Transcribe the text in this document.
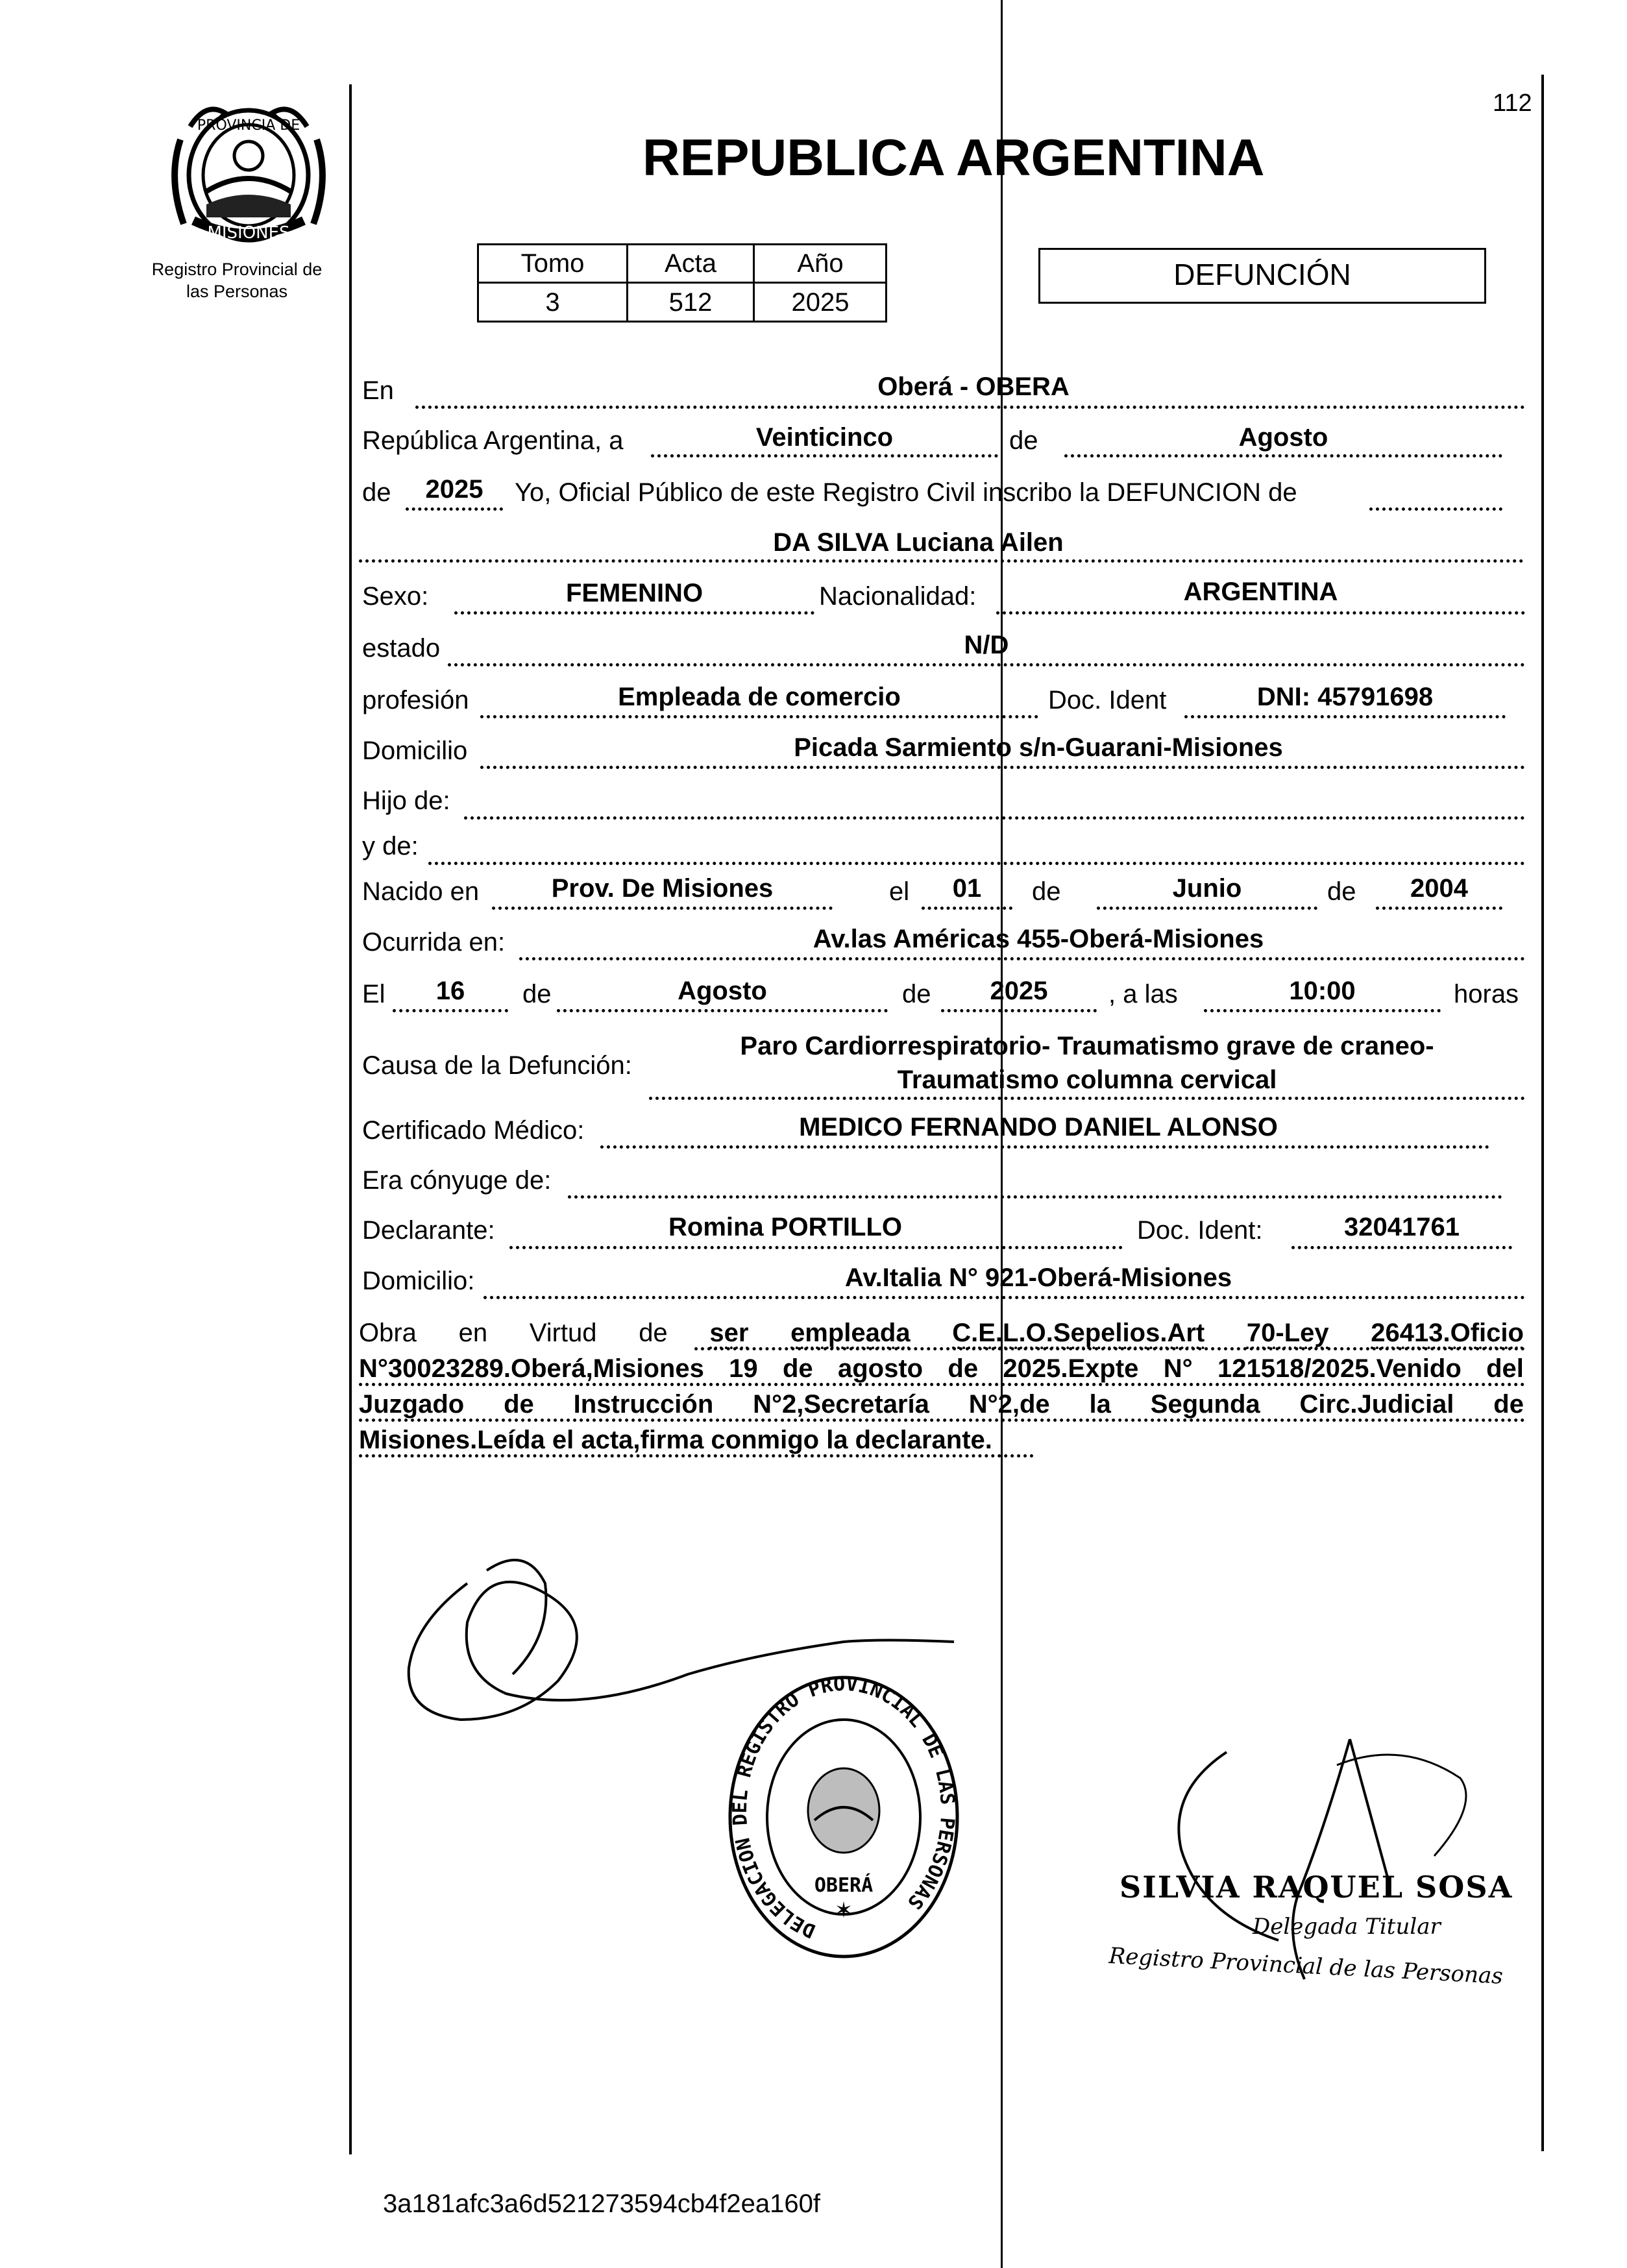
112
PROVINCIA DE
MISIONES
Registro Provincial de
las Personas
REPUBLICA ARGENTINA
Tomo	Acta	Año
3	512	2025
DEFUNCIÓN
En	Oberá - OBERA
República Argentina, a	Veinticinco	de	Agosto
de	2025	Yo, Oficial Público de este Registro Civil inscribo la DEFUNCION de
DA SILVA Luciana Ailen
Sexo:	FEMENINO	Nacionalidad:	ARGENTINA
estado	N/D
profesión	Empleada de comercio	Doc. Ident	DNI: 45791698
Domicilio	Picada Sarmiento s/n-Guarani-Misiones
Hijo de:
y de:
Nacido en	Prov. De Misiones	el	01	de	Junio	de	2004
Ocurrida en:	Av.las Américas 455-Oberá-Misiones
El	16	de	Agosto	de	2025	, a las	10:00	horas
Causa de la Defunción:
Paro Cardiorrespiratorio- Traumatismo grave de craneo-
Traumatismo columna cervical
Certificado Médico:	MEDICO FERNANDO DANIEL ALONSO
Era cónyuge de:
Declarante:	Romina PORTILLO	Doc. Ident:	32041761
Domicilio:	Av.Italia N° 921-Oberá-Misiones
Obra en Virtud de ser empleada C.E.L.O.Sepelios.Art 70-Ley 26413.Oficio
N°30023289.Oberá,Misiones 19 de agosto de 2025.Expte N° 121518/2025.Venido del
Juzgado de Instrucción N°2,Secretaría N°2,de la Segunda Circ.Judicial de
Misiones.Leída el acta,firma conmigo la declarante.
DELEGACION DEL REGISTRO PROVINCIAL DE LAS PERSONAS
OBERÁ
✶
SILVIA RAQUEL SOSA
Delegada Titular
Registro Provincial de las Personas
3a181afc3a6d521273594cb4f2ea160f
